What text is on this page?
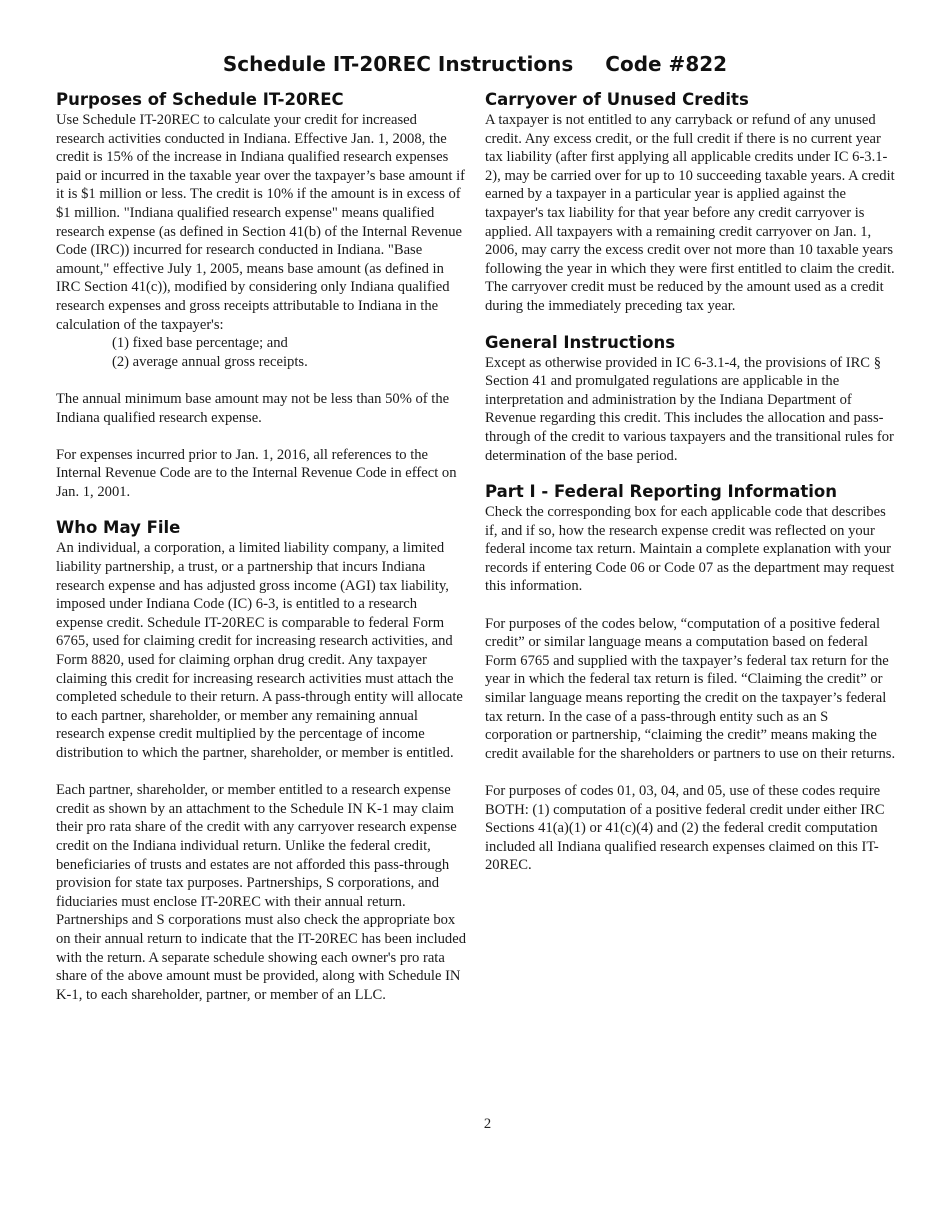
Schedule IT-20REC Instructions Code #822
Purposes of Schedule IT-20REC

Use Schedule IT-20REC to calculate your credit for increased research activities conducted in Indiana. Effective Jan. 1, 2008, the credit is 15% of the increase in Indiana qualified research expenses paid or incurred in the taxable year over the taxpayer’s base amount if it is $1 million or less. The credit is 10% if the amount is in excess of $1 million. "Indiana qualified research expense" means qualified research expense (as defined in Section 41(b) of the Internal Revenue Code (IRC)) incurred for research conducted in Indiana. "Base amount," effective July 1, 2005, means base amount (as defined in IRC Section 41(c)), modified by considering only Indiana qualified research expenses and gross receipts attributable to Indiana in the calculation of the taxpayer's:

(1) fixed base percentage; and

(2) average annual gross receipts.

The annual minimum base amount may not be less than 50% of the Indiana qualified research expense.

For expenses incurred prior to Jan. 1, 2016, all references to the Internal Revenue Code are to the Internal Revenue Code in effect on Jan. 1, 2001.

Who May File

An individual, a corporation, a limited liability company, a limited liability partnership, a trust, or a partnership that incurs Indiana research expense and has adjusted gross income (AGI) tax liability, imposed under Indiana Code (IC) 6-3, is entitled to a research expense credit. Schedule IT-20REC is comparable to federal Form 6765, used for claiming credit for increasing research activities, and Form 8820, used for claiming orphan drug credit. Any taxpayer claiming this credit for increasing research activities must attach the completed schedule to their return. A pass-through entity will allocate to each partner, shareholder, or member any remaining annual research expense credit multiplied by the percentage of income distribution to which the partner, shareholder, or member is entitled.

Each partner, shareholder, or member entitled to a research expense credit as shown by an attachment to the Schedule IN K-1 may claim their pro rata share of the credit with any carryover research expense credit on the Indiana individual return. Unlike the federal credit, beneficiaries of trusts and estates are not afforded this pass-through provision for state tax purposes. Partnerships, S corporations, and fiduciaries must enclose IT-20REC with their annual return. Partnerships and S corporations must also check the appropriate box on their annual return to indicate that the IT-20REC has been included with the return. A separate schedule showing each owner's pro rata share of the above amount must be provided, along with Schedule IN K-1, to each shareholder, partner, or member of an LLC.

Carryover of Unused Credits

A taxpayer is not entitled to any carryback or refund of any unused credit. Any excess credit, or the full credit if there is no current year tax liability (after first applying all applicable credits under IC 6-3.1-2), may be carried over for up to 10 succeeding taxable years. A credit earned by a taxpayer in a particular year is applied against the taxpayer's tax liability for that year before any credit carryover is applied. All taxpayers with a remaining credit carryover on Jan. 1, 2006, may carry the excess credit over not more than 10 taxable years following the year in which they were first entitled to claim the credit. The carryover credit must be reduced by the amount used as a credit during the immediately preceding tax year.

General Instructions

Except as otherwise provided in IC 6-3.1-4, the provisions of IRC § Section 41 and promulgated regulations are applicable in the interpretation and administration by the Indiana Department of Revenue regarding this credit. This includes the allocation and pass-through of the credit to various taxpayers and the transitional rules for determination of the base period.

Part I - Federal Reporting Information

Check the corresponding box for each applicable code that describes if, and if so, how the research expense credit was reflected on your federal income tax return. Maintain a complete explanation with your records if entering Code 06 or Code 07 as the department may request this information.

For purposes of the codes below, “computation of a positive federal credit” or similar language means a computation based on federal Form 6765 and supplied with the taxpayer’s federal tax return for the year in which the federal tax return is filed. “Claiming the credit” or similar language means reporting the credit on the taxpayer’s federal tax return. In the case of a pass-through entity such as an S corporation or partnership, “claiming the credit” means making the credit available for the shareholders or partners to use on their returns.

For purposes of codes 01, 03, 04, and 05, use of these codes require BOTH: (1) computation of a positive federal credit under either IRC Sections 41(a)(1) or 41(c)(4) and (2) the federal credit computation included all Indiana qualified research expenses claimed on this IT-20REC.

2
